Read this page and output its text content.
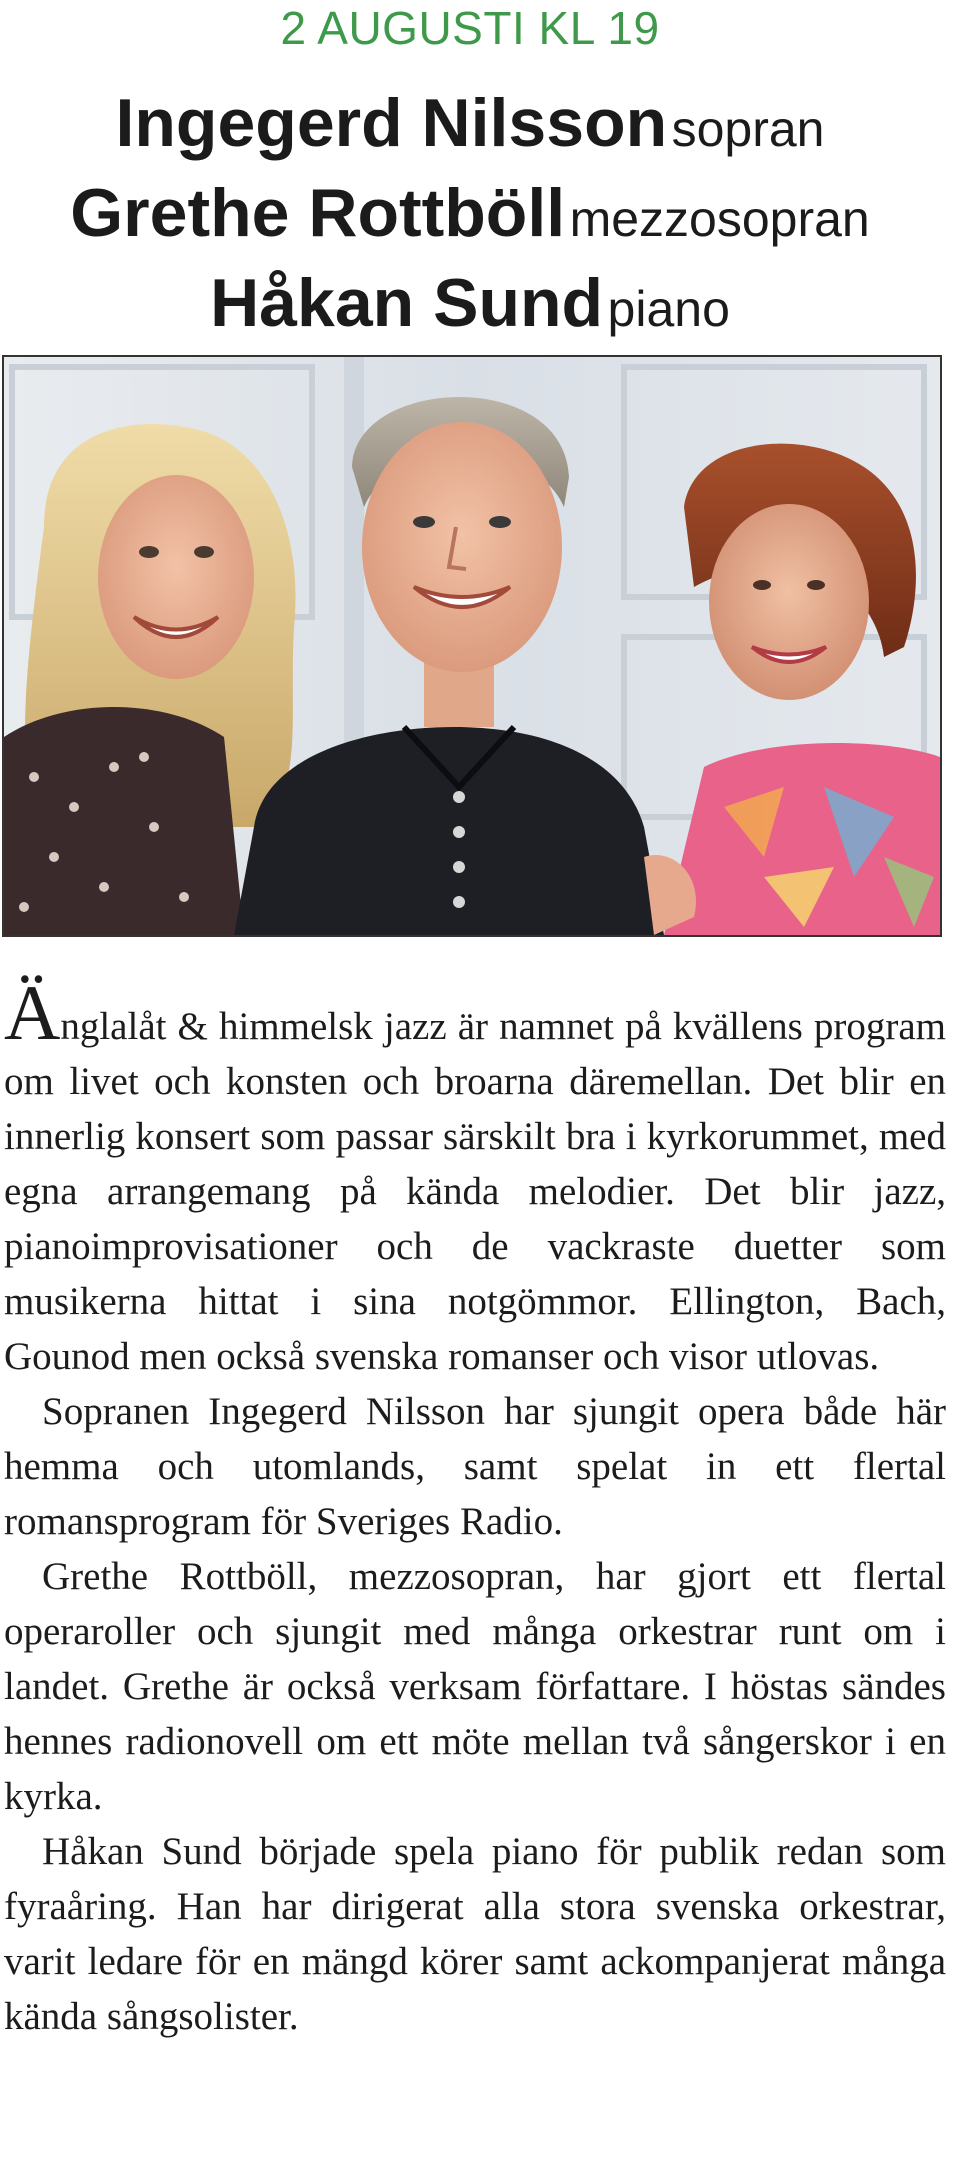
2 AUGUSTI KL 19
Ingegerd Nilsson sopran
Grethe Rottböll mezzosopran
Håkan Sund piano

Änglalåt & himmelsk jazz är namnet på kvällens program om livet och konsten och broarna däremellan. Det blir en innerlig konsert som passar särskilt bra i kyrkorummet, med egna arrangemang på kända melodier. Det blir jazz, pianoimprovisationer och de vackraste duetter som musikerna hittat i sina notgömmor. Ellington, Bach, Gounod men också svenska romanser och visor utlovas.

Sopranen Ingegerd Nilsson har sjungit opera både här hemma och utomlands, samt spelat in ett flertal romansprogram för Sveriges Radio.

Grethe Rottböll, mezzosopran, har gjort ett flertal operaroller och sjungit med många orkestrar runt om i landet. Grethe är också verksam författare. I höstas sändes hennes radionovell om ett möte mellan två sångerskor i en kyrka.

Håkan Sund började spela piano för publik redan som fyraåring. Han har dirigerat alla stora svenska orkestrar, varit ledare för en mängd körer samt ackompanjerat många kända sångsolister.
